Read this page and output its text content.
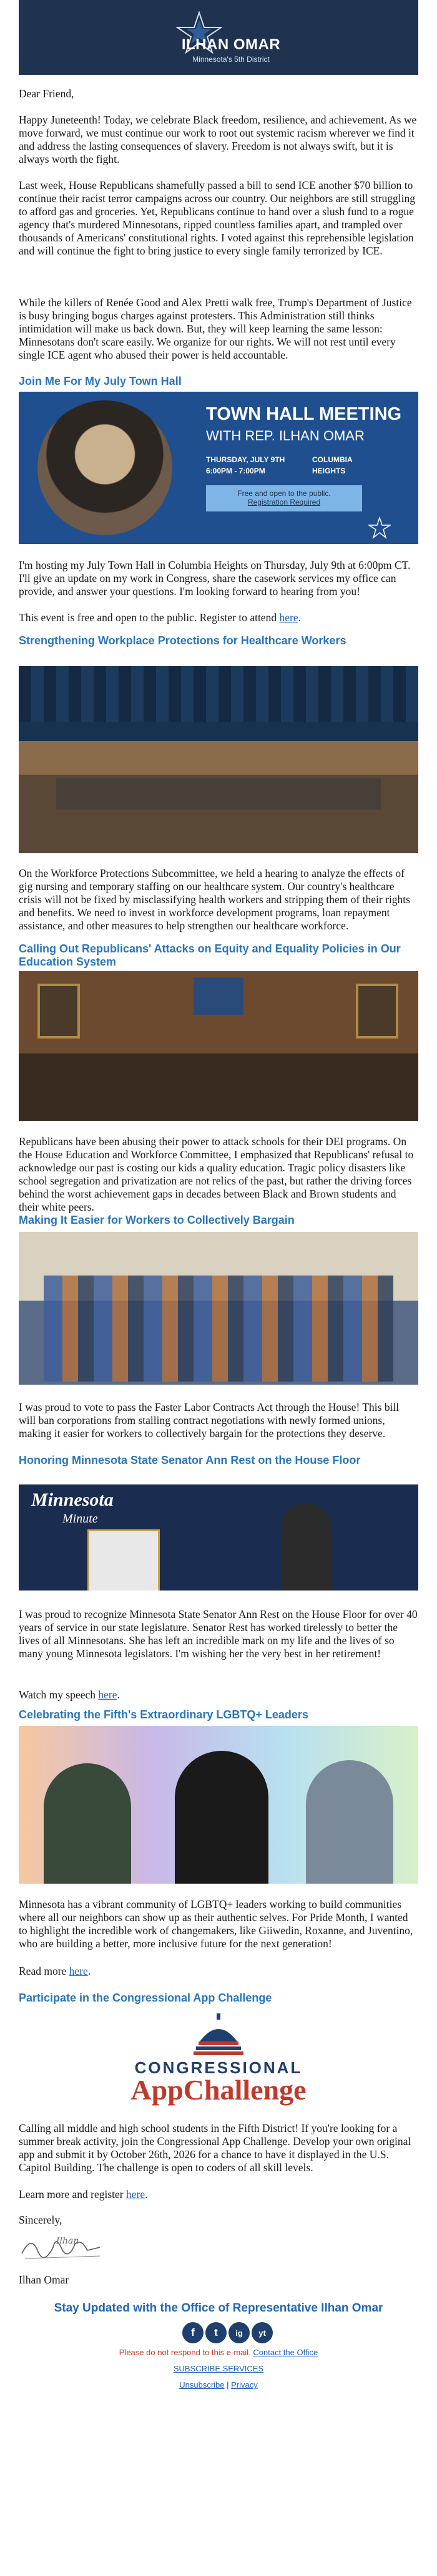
ILHAN OMAR
Minnesota's 5th District

Dear Friend,

Happy Juneteenth! Today, we celebrate Black freedom, resilience, and achievement. As we move forward, we must continue our work to root out systemic racism wherever we find it and address the lasting consequences of slavery. Freedom is not always swift, but it is always worth the fight.

Last week, House Republicans shamefully passed a bill to send ICE another $70 billion to continue their racist terror campaigns across our country. Our neighbors are still struggling to afford gas and groceries. Yet, Republicans continue to hand over a slush fund to a rogue agency that's murdered Minnesotans, ripped countless families apart, and trampled over thousands of Americans' constitutional rights. I voted against this reprehensible legislation and will continue the fight to bring justice to every single family terrorized by ICE.

While the killers of Renée Good and Alex Pretti walk free, Trump's Department of Justice is busy bringing bogus charges against protesters. This Administration still thinks intimidation will make us back down. But, they will keep learning the same lesson: Minnesotans don't scare easily. We organize for our rights. We will not rest until every single ICE agent who abused their power is held accountable.

Join Me For My July Town Hall
TOWN HALL MEETING
WITH REP. ILHAN OMAR
THURSDAY, JULY 9TH
6:00PM - 7:00PM
COLUMBIA
HEIGHTS
Free and open to the public.
Registration Required

I'm hosting my July Town Hall in Columbia Heights on Thursday, July 9th at 6:00pm CT. I'll give an update on my work in Congress, share the casework services my office can provide, and answer your questions. I'm looking forward to hearing from you!

This event is free and open to the public. Register to attend here.

Strengthening Workplace Protections for Healthcare Workers

On the Workforce Protections Subcommittee, we held a hearing to analyze the effects of gig nursing and temporary staffing on our healthcare system. Our country's healthcare crisis will not be fixed by misclassifying health workers and stripping them of their rights and benefits. We need to invest in workforce development programs, loan repayment assistance, and other measures to help strengthen our healthcare workforce.

Calling Out Republicans' Attacks on Equity and Equality Policies in Our Education System

Republicans have been abusing their power to attack schools for their DEI programs. On the House Education and Workforce Committee, I emphasized that Republicans' refusal to acknowledge our past is costing our kids a quality education. Tragic policy disasters like school segregation and privatization are not relics of the past, but rather the driving forces behind the worst achievement gaps in decades between Black and Brown students and their white peers.

Making It Easier for Workers to Collectively Bargain

I was proud to vote to pass the Faster Labor Contracts Act through the House! This bill will ban corporations from stalling contract negotiations with newly formed unions, making it easier for workers to collectively bargain for the protections they deserve.

Honoring Minnesota State Senator Ann Rest on the House Floor
Minnesota
Minute

I was proud to recognize Minnesota State Senator Ann Rest on the House Floor for over 40 years of service in our state legislature. Senator Rest has worked tirelessly to better the lives of all Minnesotans. She has left an incredible mark on my life and the lives of so many young Minnesota legislators. I'm wishing her the very best in her retirement!

Watch my speech here.

Celebrating the Fifth's Extraordinary LGBTQ+ Leaders

Minnesota has a vibrant community of LGBTQ+ leaders working to build communities where all our neighbors can show up as their authentic selves. For Pride Month, I wanted to highlight the incredible work of changemakers, like Giiwedin, Roxanne, and Juventino, who are building a better, more inclusive future for the next generation!

Read more here.

Participate in the Congressional App Challenge
CONGRESSIONAL
AppChallenge

Calling all middle and high school students in the Fifth District! If you're looking for a summer break activity, join the Congressional App Challenge. Develop your own original app and submit it by October 26th, 2026 for a chance to have it displayed in the U.S. Capitol Building. The challenge is open to coders of all skill levels.

Learn more and register here.

Sincerely,

Ilhan

Ilhan Omar

Stay Updated with the Office of Representative Ilhan Omar
f	t	ig	yt
Please do not respond to this e-mail. Contact the Office
SUBSCRIBE SERVICES
Unsubscribe | Privacy
